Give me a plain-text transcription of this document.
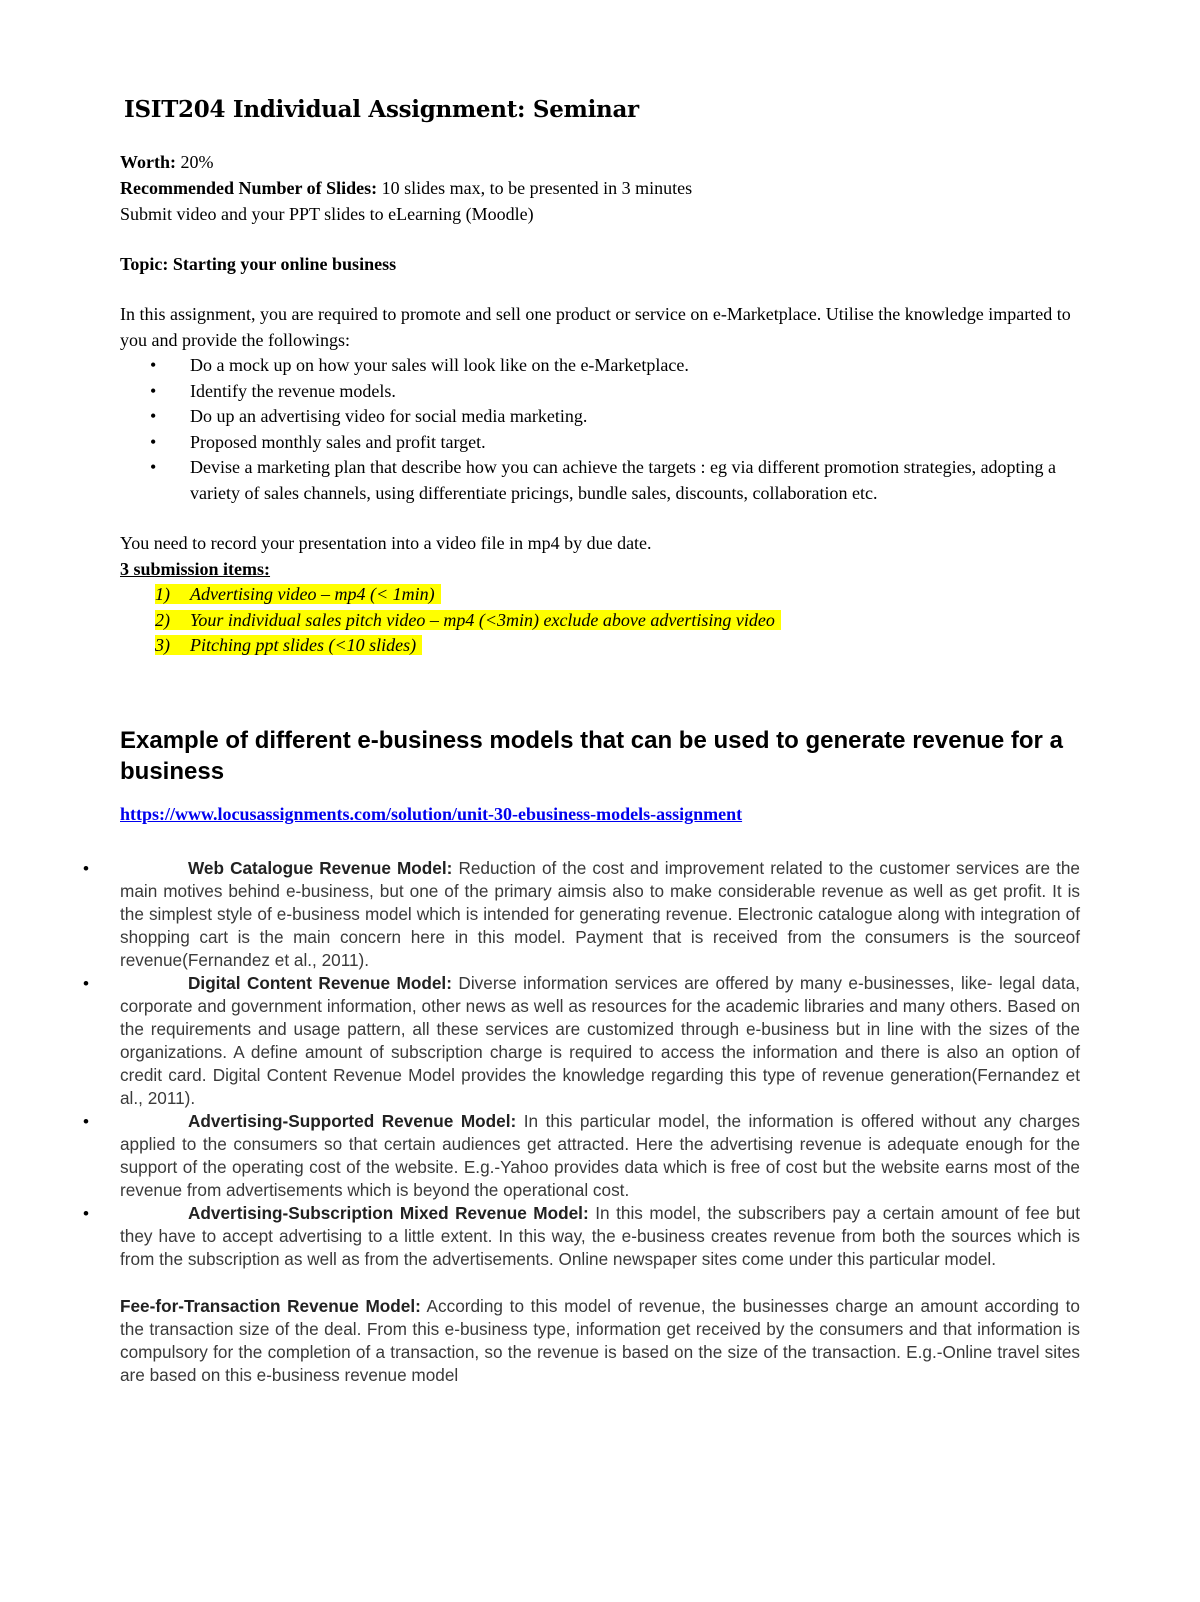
ISIT204 Individual Assignment: Seminar

Worth: 20%

Recommended Number of Slides: 10 slides max, to be presented in 3 minutes

Submit video and your PPT slides to eLearning (Moodle)

Topic: Starting your online business

In this assignment, you are required to promote and sell one product or service on e-Marketplace. Utilise the knowledge imparted to you and provide the followings:

• Do a mock up on how your sales will look like on the e-Marketplace.
• Identify the revenue models.
• Do up an advertising video for social media marketing.
• Proposed monthly sales and profit target.
• Devise a marketing plan that describe how you can achieve the targets : eg via different promotion strategies, adopting a variety of sales channels, using differentiate pricings, bundle sales, discounts, collaboration etc.

You need to record your presentation into a video file in mp4 by due date.

3 submission items:
1) Advertising video – mp4 (< 1min)
2) Your individual sales pitch video – mp4 (<3min) exclude above advertising video
3) Pitching ppt slides (<10 slides)
Example of different e-business models that can be used to generate revenue for a business
https://www.locusassignments.com/solution/unit-30-ebusiness-models-assignment
•	Web Catalogue Revenue Model: Reduction of the cost and improvement related to the customer services are the main motives behind e-business, but one of the primary aimsis also to make considerable revenue as well as get profit. It is the simplest style of e-business model which is intended for generating revenue. Electronic catalogue along with integration of shopping cart is the main concern here in this model. Payment that is received from the consumers is the sourceof revenue(Fernandez et al., 2011).
•	Digital Content Revenue Model: Diverse information services are offered by many e-businesses, like- legal data, corporate and government information, other news as well as resources for the academic libraries and many others. Based on the requirements and usage pattern, all these services are customized through e-business but in line with the sizes of the organizations. A define amount of subscription charge is required to access the information and there is also an option of credit card. Digital Content Revenue Model provides the knowledge regarding this type of revenue generation(Fernandez et al., 2011).
•	Advertising-Supported Revenue Model: In this particular model, the information is offered without any charges applied to the consumers so that certain audiences get attracted. Here the advertising revenue is adequate enough for the support of the operating cost of the website. E.g.-Yahoo provides data which is free of cost but the website earns most of the revenue from advertisements which is beyond the operational cost.
•	Advertising-Subscription Mixed Revenue Model: In this model, the subscribers pay a certain amount of fee but they have to accept advertising to a little extent. In this way, the e-business creates revenue from both the sources which is from the subscription as well as from the advertisements. Online newspaper sites come under this particular model.

Fee-for-Transaction Revenue Model: According to this model of revenue, the businesses charge an amount according to the transaction size of the deal. From this e-business type, information get received by the consumers and that information is compulsory for the completion of a transaction, so the revenue is based on the size of the transaction. E.g.-Online travel sites are based on this e-business revenue model
